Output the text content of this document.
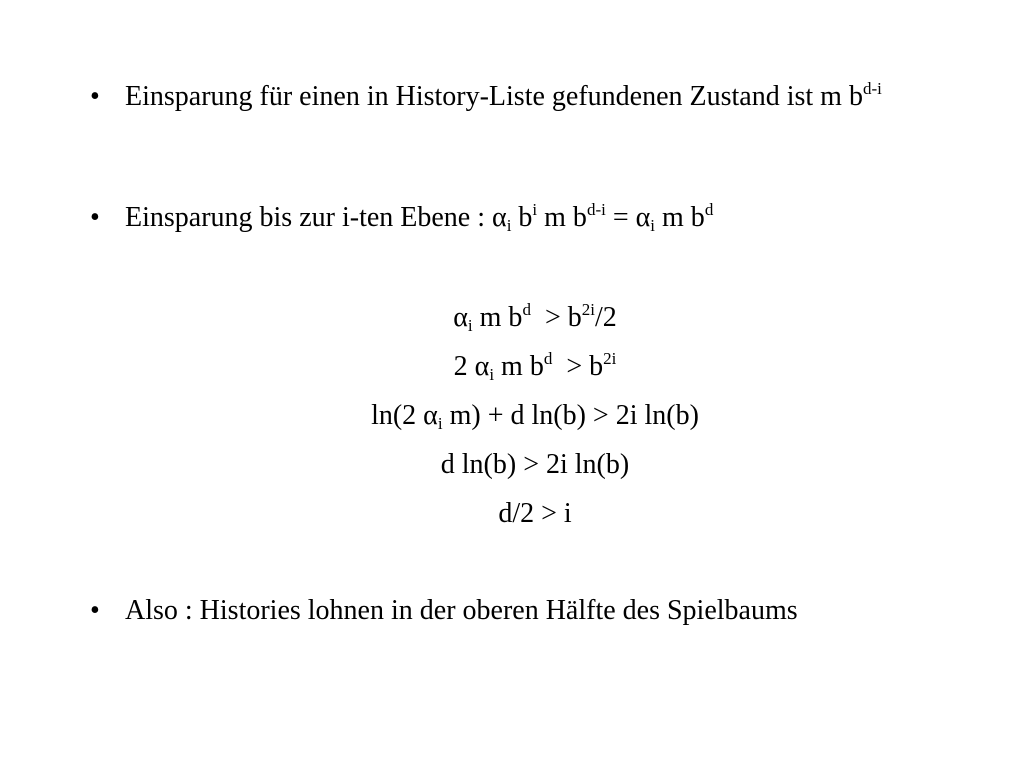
• Einsparung für einen in History-Liste gefundenen Zustand ist m $b^{d-i}$
• Einsparung bis zur i-ten Ebene : $\alpha_i$ $b^i$ m $b^{d-i} = \alpha_i$ m $b^d$
$\alpha_i$ m $b^d > b^{2i}/2$
2 $\alpha_i$ m $b^d > b^{2i}$
ln(2 $\alpha_i$ m) + d ln(b) > 2i ln(b)
d ln(b) > 2i ln(b)
d/2 > i
• Also : Histories lohnen in der oberen Hälfte des Spielbaums
